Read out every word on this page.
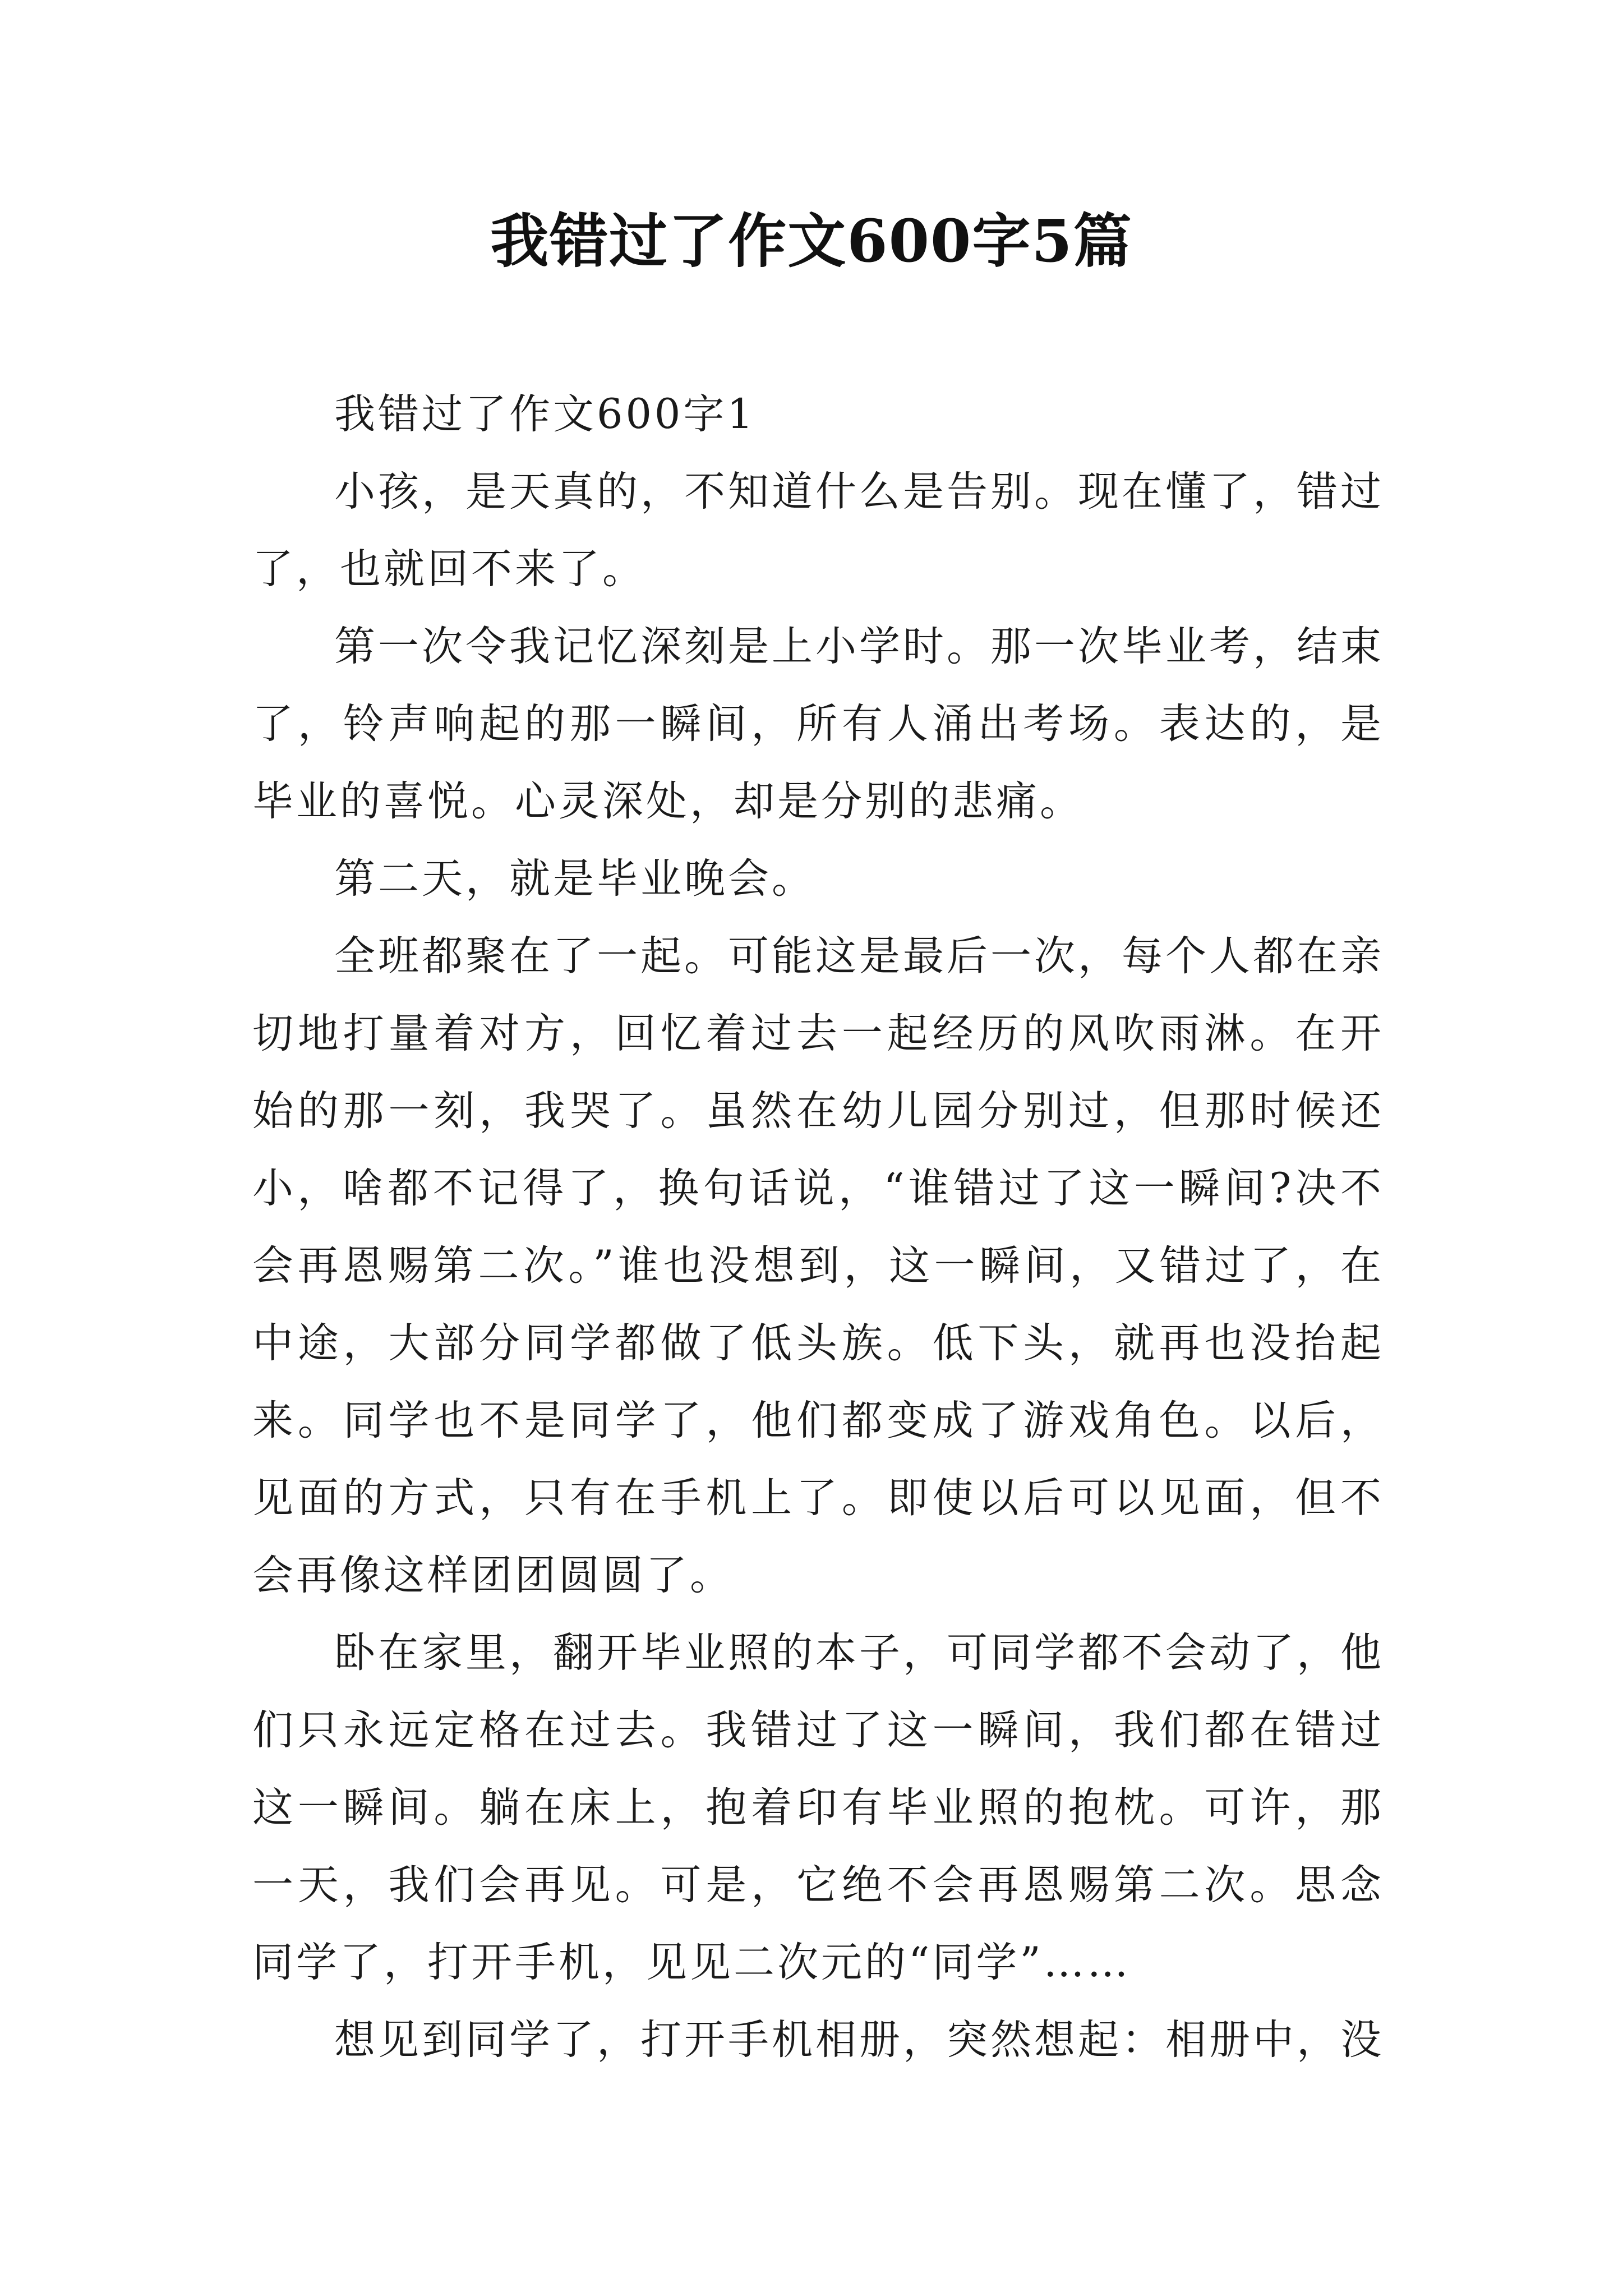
我错过了作文600字5篇

我错过了作文600字1

小孩，是天真的，不知道什么是告别。现在懂了，错过了，也就回不来了。

第一次令我记忆深刻是上小学时。那一次毕业考，结束了，铃声响起的那一瞬间，所有人涌出考场。表达的，是毕业的喜悦。心灵深处，却是分别的悲痛。

第二天，就是毕业晚会。

全班都聚在了一起。可能这是最后一次，每个人都在亲切地打量着对方，回忆着过去一起经历的风吹雨淋。在开始的那一刻，我哭了。虽然在幼儿园分别过，但那时候还小，啥都不记得了，换句话说，“谁错过了这一瞬间?决不会再恩赐第二次。”谁也没想到，这一瞬间，又错过了，在中途，大部分同学都做了低头族。低下头，就再也没抬起来。同学也不是同学了，他们都变成了游戏角色。以后，见面的方式，只有在手机上了。即使以后可以见面，但不会再像这样团团圆圆了。

卧在家里，翻开毕业照的本子，可同学都不会动了，他们只永远定格在过去。我错过了这一瞬间，我们都在错过这一瞬间。躺在床上，抱着印有毕业照的抱枕。可许，那一天，我们会再见。可是，它绝不会再恩赐第二次。思念同学了，打开手机，见见二次元的“同学”……

想见到同学了，打开手机相册，突然想起：相册中，没
